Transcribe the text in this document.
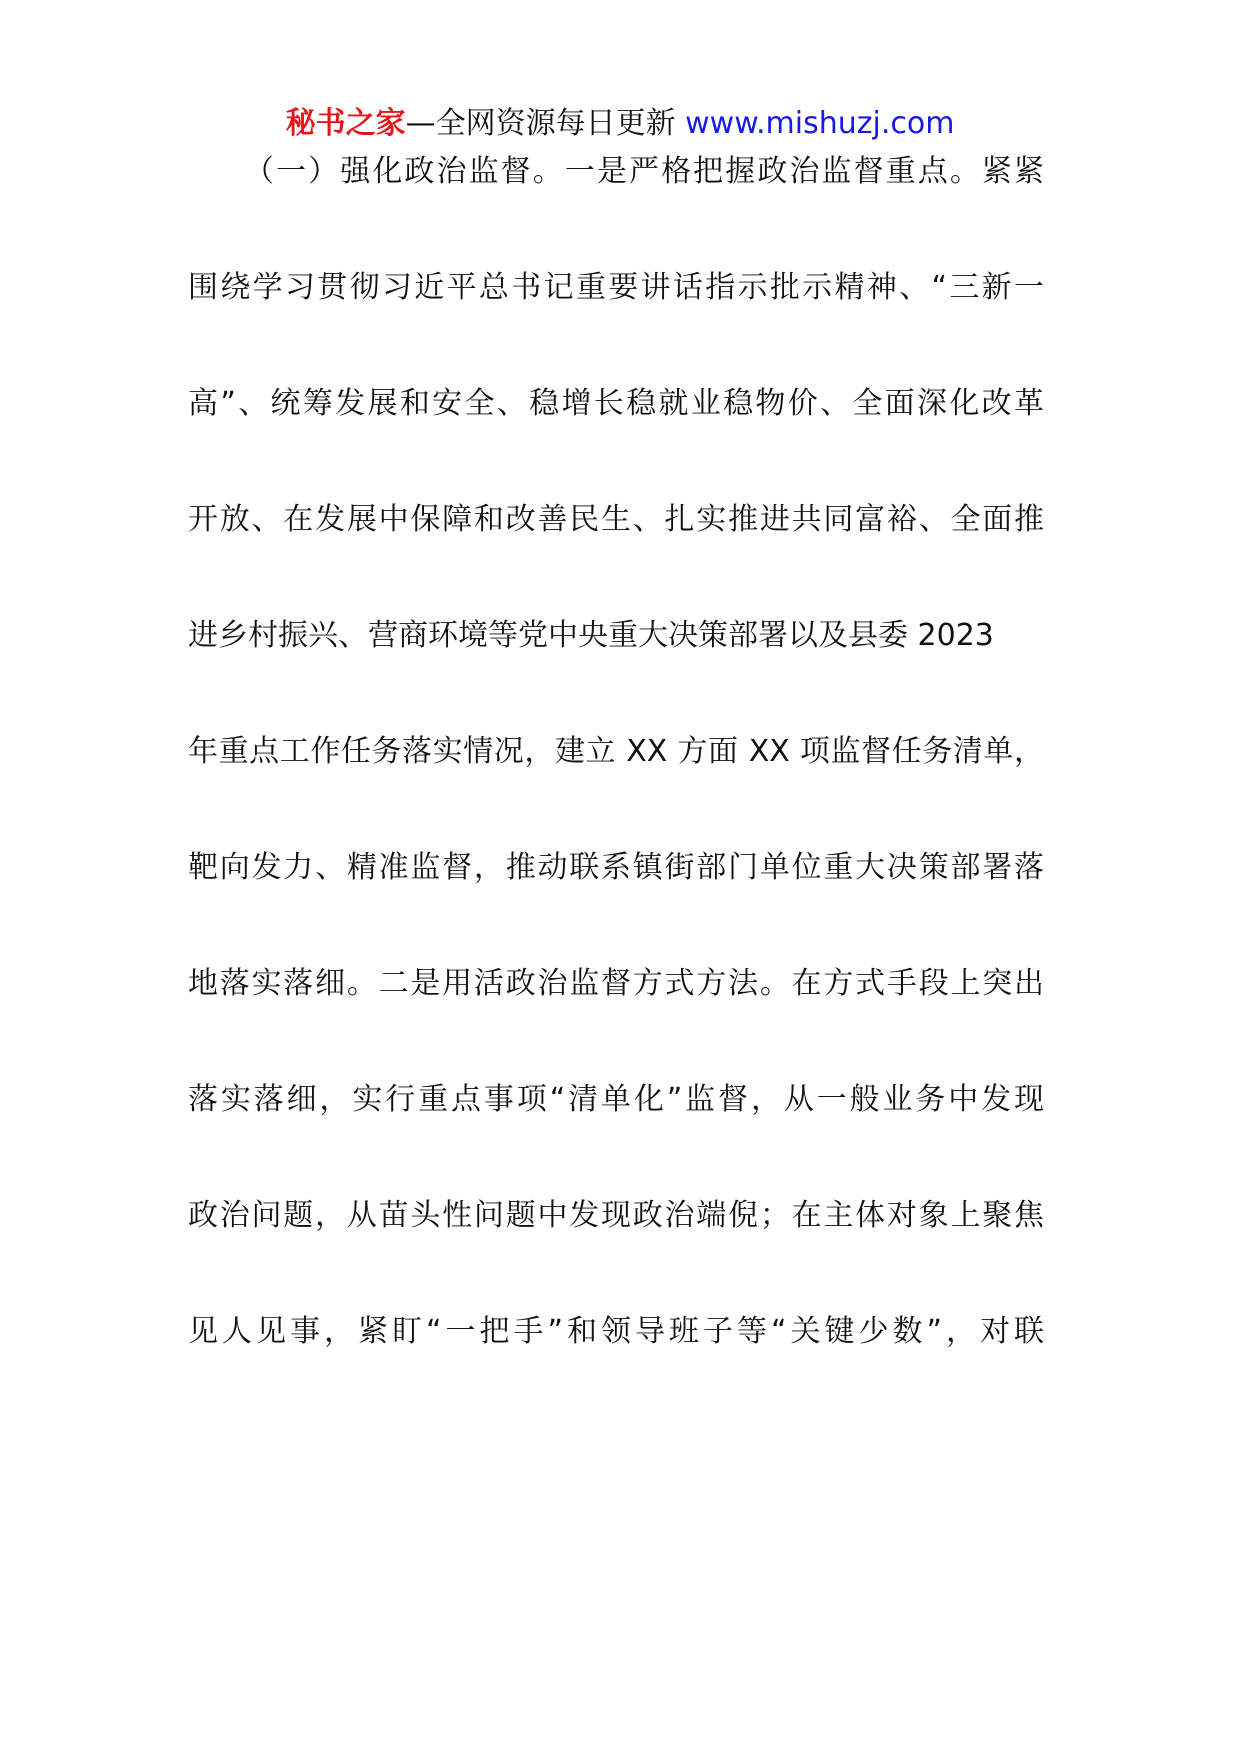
秘书之家—全网资源每日更新 www.mishuzj.com
（一）强化政治监督。一是严格把握政治监督重点。紧紧
围绕学习贯彻习近平总书记重要讲话指示批示精神、“三新一
高”、统筹发展和安全、稳增长稳就业稳物价、全面深化改革
开放、在发展中保障和改善民生、扎实推进共同富裕、全面推
进乡村振兴、营商环境等党中央重大决策部署以及县委 2023
年重点工作任务落实情况，建立 XX 方面 XX 项监督任务清单，
靶向发力、精准监督，推动联系镇街部门单位重大决策部署落
地落实落细。二是用活政治监督方式方法。在方式手段上突出
落实落细，实行重点事项“清单化”监督，从一般业务中发现
政治问题，从苗头性问题中发现政治端倪；在主体对象上聚焦
见人见事，紧盯“一把手”和领导班子等“关键少数”，对联
